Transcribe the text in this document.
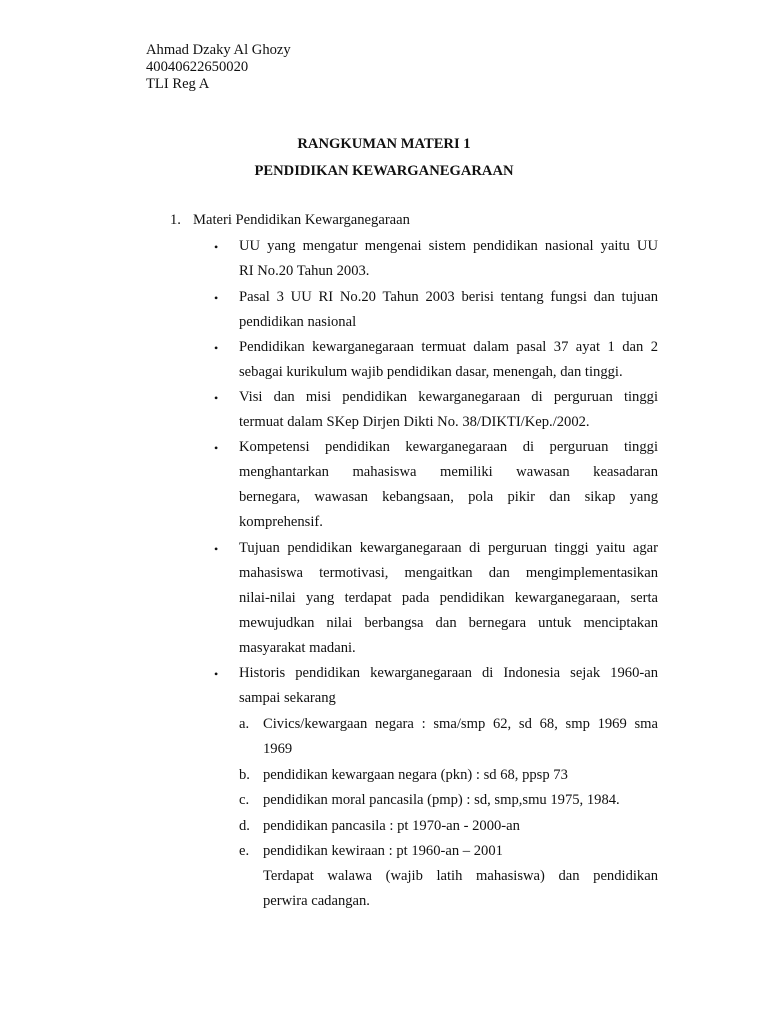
Ahmad Dzaky Al Ghozy
40040622650020
TLI Reg A
RANGKUMAN MATERI 1
PENDIDIKAN KEWARGANEGARAAN
1. Materi Pendidikan Kewarganegaraan
•	UU yang mengatur mengenai sistem pendidikan nasional yaitu UU
RI No.20 Tahun 2003.
•	Pasal 3 UU RI No.20 Tahun 2003 berisi tentang fungsi dan tujuan
pendidikan nasional
•	Pendidikan kewarganegaraan termuat dalam pasal 37 ayat 1 dan 2
sebagai kurikulum wajib pendidikan dasar, menengah, dan tinggi.
•	Visi dan misi pendidikan kewarganegaraan di perguruan tinggi
termuat dalam SKep Dirjen Dikti No. 38/DIKTI/Kep./2002.
•	Kompetensi pendidikan kewarganegaraan di perguruan tinggi
menghantarkan mahasiswa memiliki wawasan keasadaran
bernegara, wawasan kebangsaan, pola pikir dan sikap yang
komprehensif.
•	Tujuan pendidikan kewarganegaraan di perguruan tinggi yaitu agar
mahasiswa termotivasi, mengaitkan dan mengimplementasikan
nilai-nilai yang terdapat pada pendidikan kewarganegaraan, serta
mewujudkan nilai berbangsa dan bernegara untuk menciptakan
masyarakat madani.
•	Historis pendidikan kewarganegaraan di Indonesia sejak 1960-an
sampai sekarang
a. Civics/kewargaan negara : sma/smp 62, sd 68, smp 1969 sma
1969
b. pendidikan kewargaan negara (pkn) : sd 68, ppsp 73
c. pendidikan moral pancasila (pmp) : sd, smp,smu 1975, 1984.
d. pendidikan pancasila : pt 1970-an - 2000-an
e. pendidikan kewiraan : pt 1960-an – 2001
Terdapat walawa (wajib latih mahasiswa) dan pendidikan
perwira cadangan.
